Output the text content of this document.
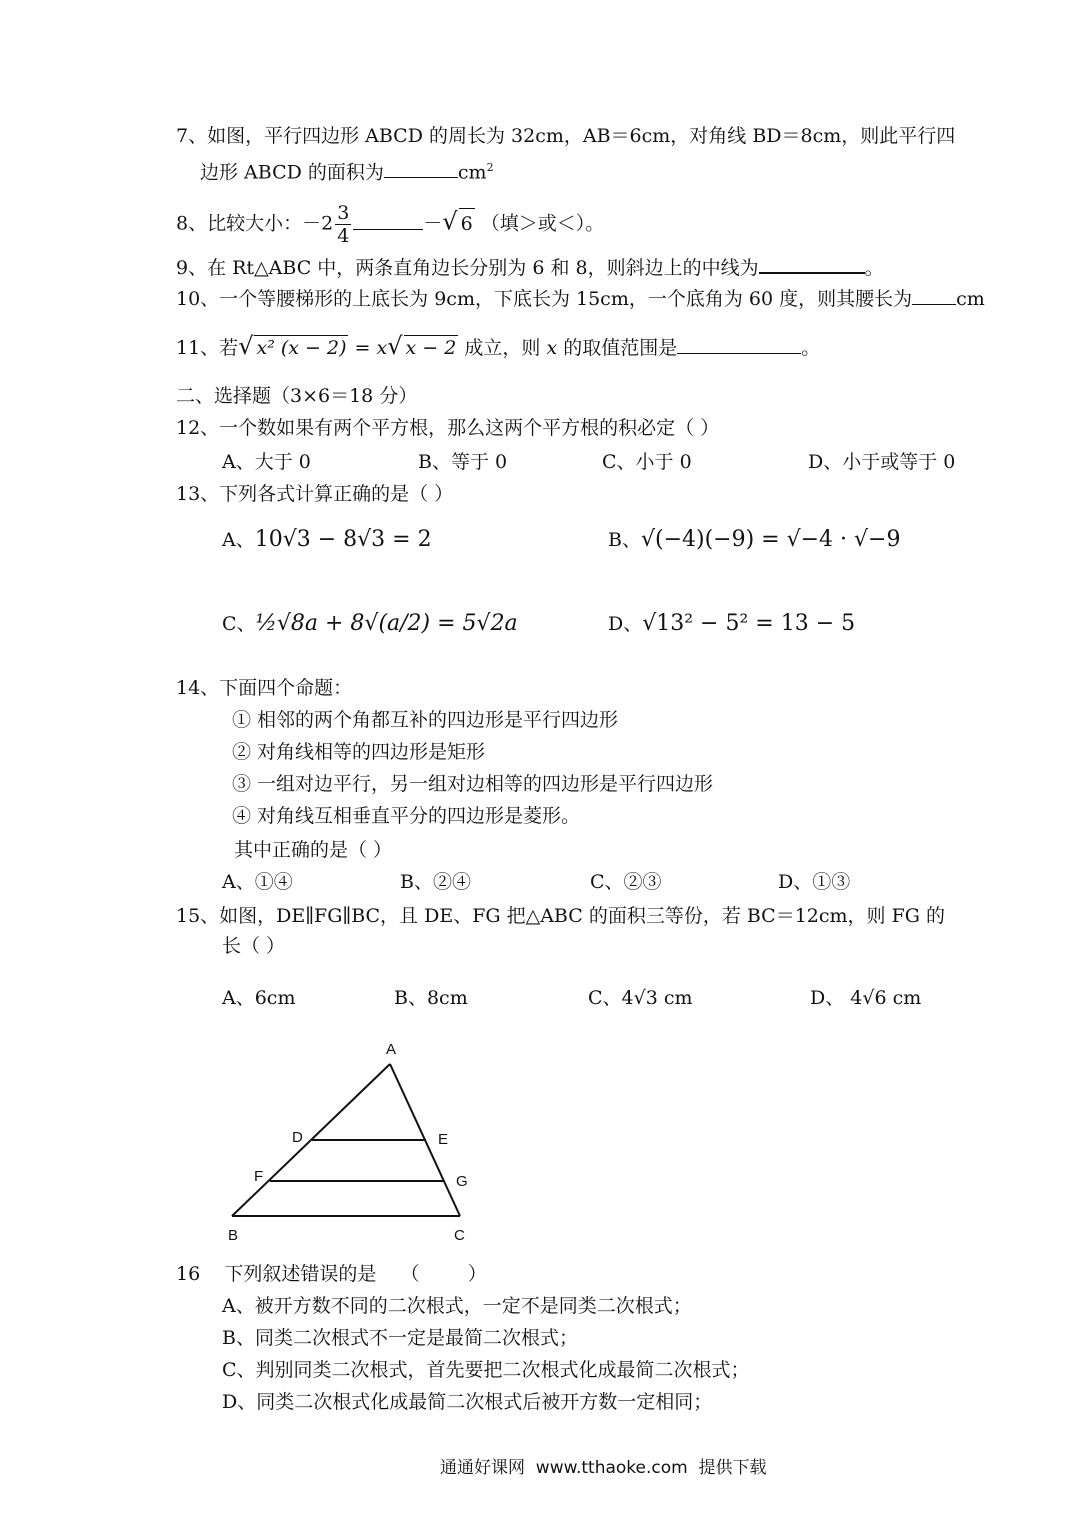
7、如图，平行四边形 ABCD 的周长为 32cm，AB＝6cm，对角线 BD＝8cm，则此平行四
边形 ABCD 的面积为	$cm^2$
8、比较大小：$-2 \frac{3}{4}$	－√ 6 （填＞或＜）。
9、在 Rt△ABC 中，两条直角边长分别为 6 和 8，则斜边上的中线为	。
10、一个等腰梯形的上底长为 9cm，下底长为 15cm，一个底角为 60 度，则其腰长为 cm
11、若√ x² (x − 2) = x√ x − 2 成立，则 x 的取值范围是	。
二、选择题（3×6＝18 分）
12、一个数如果有两个平方根，那么这两个平方根的积必定（ ）
A、大于 0	B、等于 0	C、小于 0	D、小于或等于 0
13、下列各式计算正确的是（ ）
A、10√3 − 8√3 = 2	B、√(−4)(−9) = √−4 · √−9
C、½√8a + 8√(a/2) = 5√2a	D、√13² − 5² = 13 − 5
14、下面四个命题：
① 相邻的两个角都互补的四边形是平行四边形
② 对角线相等的四边形是矩形
③ 一组对边平行，另一组对边相等的四边形是平行四边形
④ 对角线互相垂直平分的四边形是菱形。
其中正确的是（ ）
A、①④	B、②④	C、②③	D、①③
15、如图，DE∥FG∥BC，且 DE、FG 把△ABC 的面积三等份，若 BC＝12cm，则 FG 的
长（ ）
A、6cm	B、8cm	C、4√3 cm	D、 4√6 cm
A
D	E
F	G
B	C
16    下列叙述错误的是    （        ）
A、被开方数不同的二次根式，一定不是同类二次根式；
B、同类二次根式不一定是最简二次根式；
C、判别同类二次根式，首先要把二次根式化成最简二次根式；
D、同类二次根式化成最简二次根式后被开方数一定相同；
通通好课网  www.tthaoke.com  提供下载
